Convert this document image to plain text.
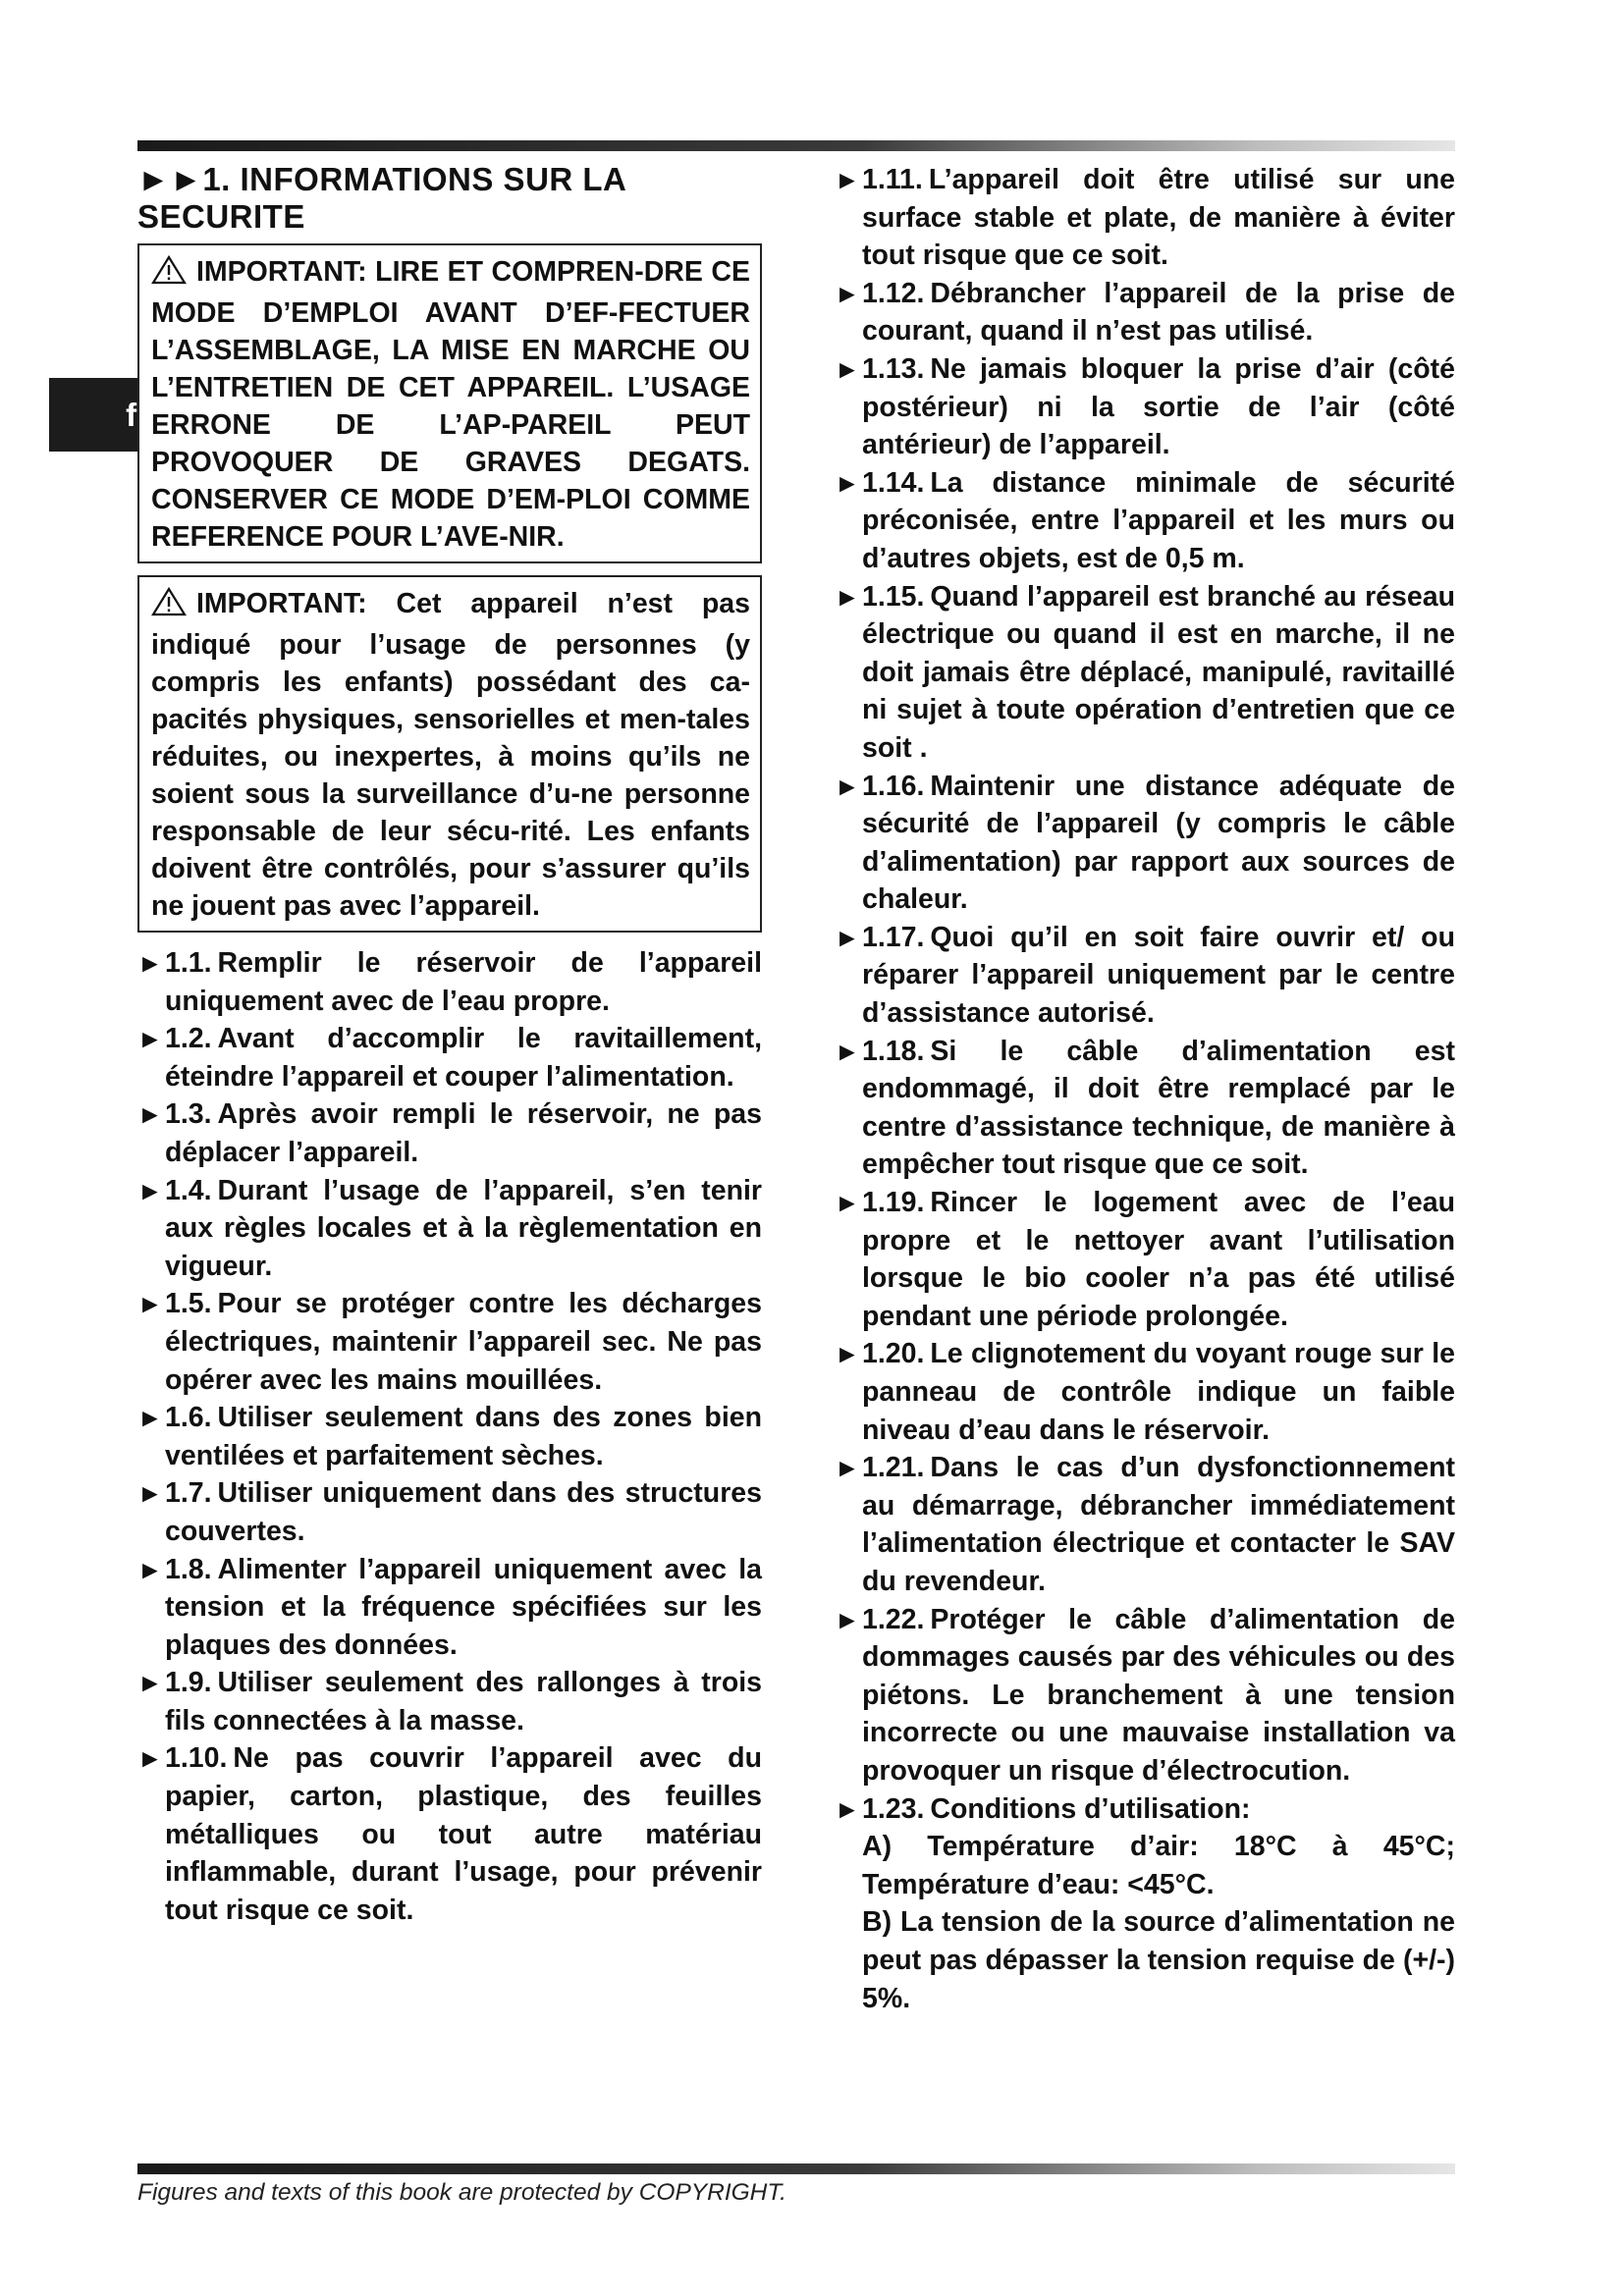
fr
►►1. INFORMATIONS SUR LA
SECURITE
IMPORTANT: LIRE ET COMPREN-DRE CE MODE D’EMPLOI AVANT D’EF-FECTUER L’ASSEMBLAGE, LA MISE EN MARCHE OU L’ENTRETIEN DE CET APPAREIL. L’USAGE ERRONE DE L’AP-PAREIL PEUT PROVOQUER DE GRAVES DEGATS. CONSERVER CE MODE D’EM-PLOI COMME REFERENCE POUR L’AVE-NIR.
IMPORTANT: Cet appareil n’est pas indiqué pour l’usage de personnes (y compris les enfants) possédant des ca-pacités physiques, sensorielles et men-tales réduites, ou inexpertes, à moins qu’ils ne soient sous la surveillance d’u-ne personne responsable de leur sécu-rité. Les enfants doivent être contrôlés, pour s’assurer qu’ils ne jouent pas avec l’appareil.

► 1.1. Remplir le réservoir de l’appareil uniquement avec de l’eau propre.

► 1.2. Avant d’accomplir le ravitaillement, éteindre l’appareil et couper l’alimentation.

► 1.3. Après avoir rempli le réservoir, ne pas déplacer l’appareil.

► 1.4. Durant l’usage de l’appareil, s’en tenir aux règles locales et à la règlementation en vigueur.

► 1.5. Pour se protéger contre les décharges électriques, maintenir l’appareil sec. Ne pas opérer avec les mains mouillées.

► 1.6. Utiliser seulement dans des zones bien ventilées et parfaitement sèches.

► 1.7. Utiliser uniquement dans des structures couvertes.

► 1.8. Alimenter l’appareil uniquement avec la tension et la fréquence spécifiées sur les plaques des données.

► 1.9. Utiliser seulement des rallonges à trois fils connectées à la masse.

► 1.10. Ne pas couvrir l’appareil avec du papier, carton, plastique, des feuilles métalliques ou tout autre matériau inflammable, durant l’usage, pour prévenir tout risque ce soit.

► 1.11. L’appareil doit être utilisé sur une surface stable et plate, de manière à éviter tout risque que ce soit.

► 1.12. Débrancher l’appareil de la prise de courant, quand il n’est pas utilisé.

► 1.13. Ne jamais bloquer la prise d’air (côté postérieur) ni la sortie de l’air (côté antérieur) de l’appareil.

► 1.14. La distance minimale de sécurité préconisée, entre l’appareil et les murs ou d’autres objets, est de 0,5 m.

► 1.15. Quand l’appareil est branché au réseau électrique ou quand il est en marche, il ne doit jamais être déplacé, manipulé, ravitaillé ni sujet à toute opération d’entretien que ce soit .

► 1.16. Maintenir une distance adéquate de sécurité de l’appareil (y compris le câble d’alimentation) par rapport aux sources de chaleur.

► 1.17. Quoi qu’il en soit faire ouvrir et/ ou réparer l’appareil uniquement par le centre d’assistance autorisé.

► 1.18. Si le câble d’alimentation est endommagé, il doit être remplacé par le centre d’assistance technique, de manière à empêcher tout risque que ce soit.

► 1.19. Rincer le logement avec de l’eau propre et le nettoyer avant l’utilisation lorsque le bio cooler n’a pas été utilisé pendant une période prolongée.

► 1.20. Le clignotement du voyant rouge sur le panneau de contrôle indique un faible niveau d’eau dans le réservoir.

► 1.21. Dans le cas d’un dysfonctionnement au démarrage, débrancher immédiatement l’alimentation électrique et contacter le SAV du revendeur.

► 1.22. Protéger le câble d’alimentation de dommages causés par des véhicules ou des piétons. Le branchement à une tension incorrecte ou une mauvaise installation va provoquer un risque d’électrocution.

► 1.23. Conditions d’utilisation:
A) Température d’air: 18°C à 45°C; Température d’eau: <45°C.
B) La tension de la source d’alimentation ne peut pas dépasser la tension requise de (+/-) 5%.

Figures and texts of this book are protected by COPYRIGHT.
